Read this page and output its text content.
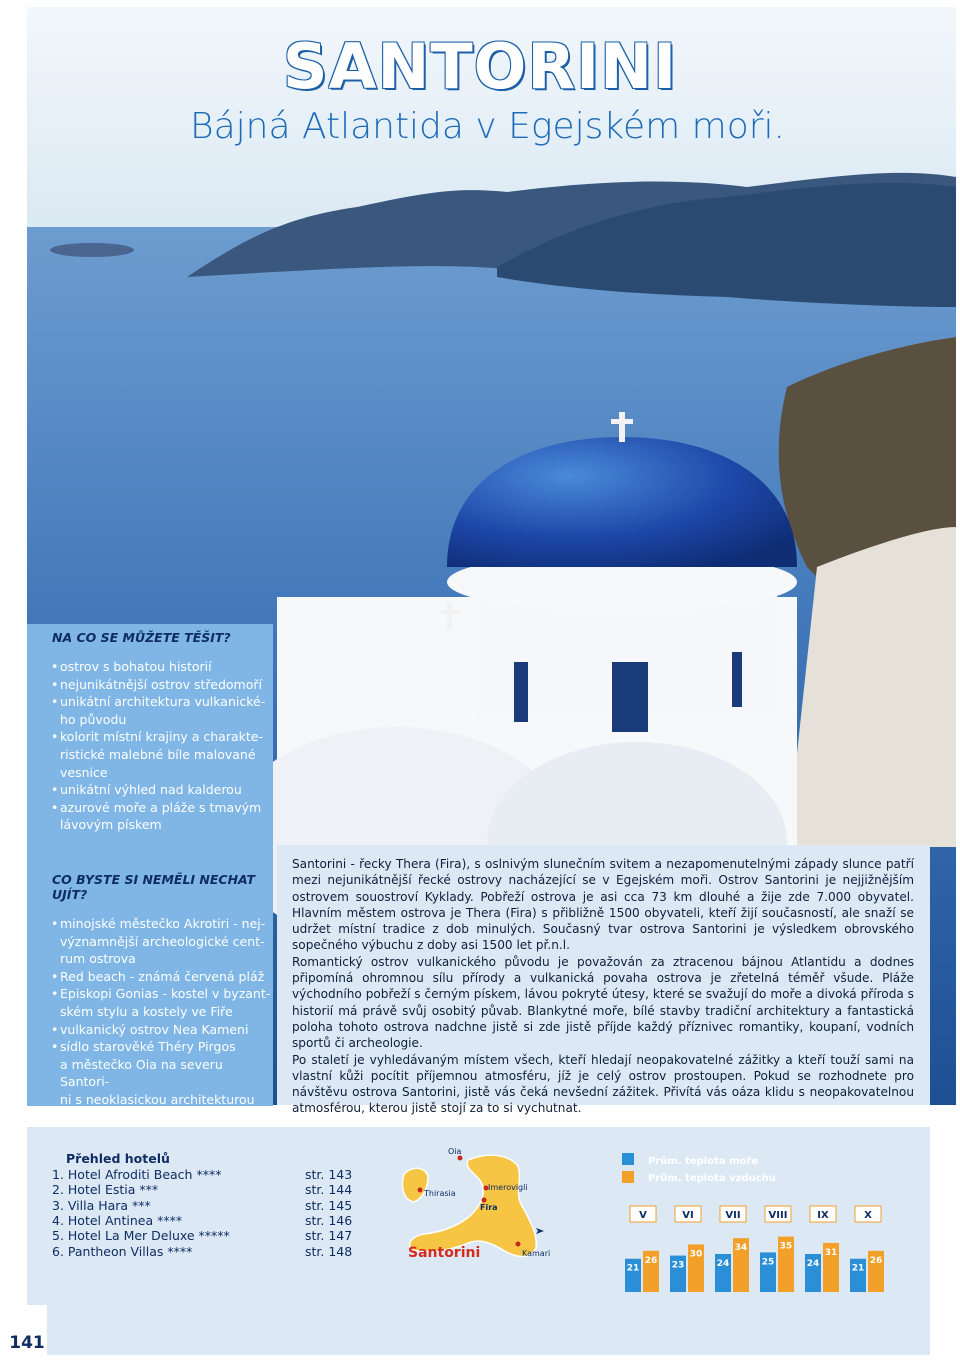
SANTORINI
Bájná Atlantida v Egejském moři.

NA CO SE MŮŽETE TĚŠIT?

• ostrov s bohatou historií
• nejunikátnější ostrov středomoří
• unikátní architektura vulkanické-
ho původu
• kolorit místní krajiny a charakte-
ristické malebné bíle malované
vesnice
• unikátní výhled nad kalderou
• azurové moře a pláže s tmavým
lávovým pískem

CO BYSTE SI NEMĚLI NECHAT UJÍT?

• minojské městečko Akrotiri - nej-
významnější archeologické cent-
rum ostrova
• Red beach - známá červená pláž
• Episkopi Gonias - kostel v byzant-
ském stylu a kostely ve Fiře
• vulkanický ostrov Nea Kameni
• sídlo starověké Théry Pirgos
a městečko Oia na severu Santori-
ni s neoklasickou architekturou

Santorini - řecky Thera (Fira), s oslnivým slunečním svitem a nezapomenutelnými západy slunce patří mezi nejunikátnější řecké ostrovy nacházející se v Egejském moři. Ostrov Santorini je nejjižnějším ostrovem souostroví Kyklady. Pobřeží ostrova je asi cca 73 km dlouhé a žije zde 7.000 obyvatel. Hlavním městem ostrova je Thera (Fira) s přibližně 1500 obyvateli, kteří žijí současností, ale snaží se udržet místní tradice z dob minulých. Současný tvar ostrova Santorini je výsledkem obrovského sopečného výbuchu z doby asi 1500 let př.n.l.

Romantický ostrov vulkanického původu je považován za ztracenou bájnou Atlantidu a dodnes připomíná ohromnou sílu přírody a vulkanická povaha ostrova je zřetelná téměř všude. Pláže východního pobřeží s černým pískem, lávou pokryté útesy, které se svažují do moře a divoká příroda s historií má právě svůj osobitý půvab. Blankytné moře, bílé stavby tradiční architektury a fantastická poloha tohoto ostrova nadchne jistě si zde jistě příjde každý příznivec romantiky, koupaní, vodních sportů či archeologie.

Po staletí je vyhledávaným místem všech, kteří hledají neopakovatelné zážitky a kteří touží sami na vlastní kůži pocítit příjemnou atmosféru, jíž je celý ostrov prostoupen. Pokud se rozhodnete pro návštěvu ostrova Santorini, jistě vás čeká nevšední zážitek. Přivítá vás oáza klidu s neopakovatelnou atmosférou, kterou jistě stojí za to si vychutnat.

Přehled hotelů
1. Hotel Afroditi Beach ****	str. 143
2. Hotel Estia ***	str. 144
3. Villa Hara ***	str. 145
4. Hotel Antinea ****	str. 146
5. Hotel La Mer Deluxe *****	str. 147
6. Pantheon Villas ****	str. 148
Oia
Thirasia
Imerovigli
Fira
Kamari
Santorini
Prům. teplota moře
Prům. teplota vzduchu
V
21
26
VI
23
30
VII
24
34
VIII
25
35
IX
24
31
X
21
26
141
